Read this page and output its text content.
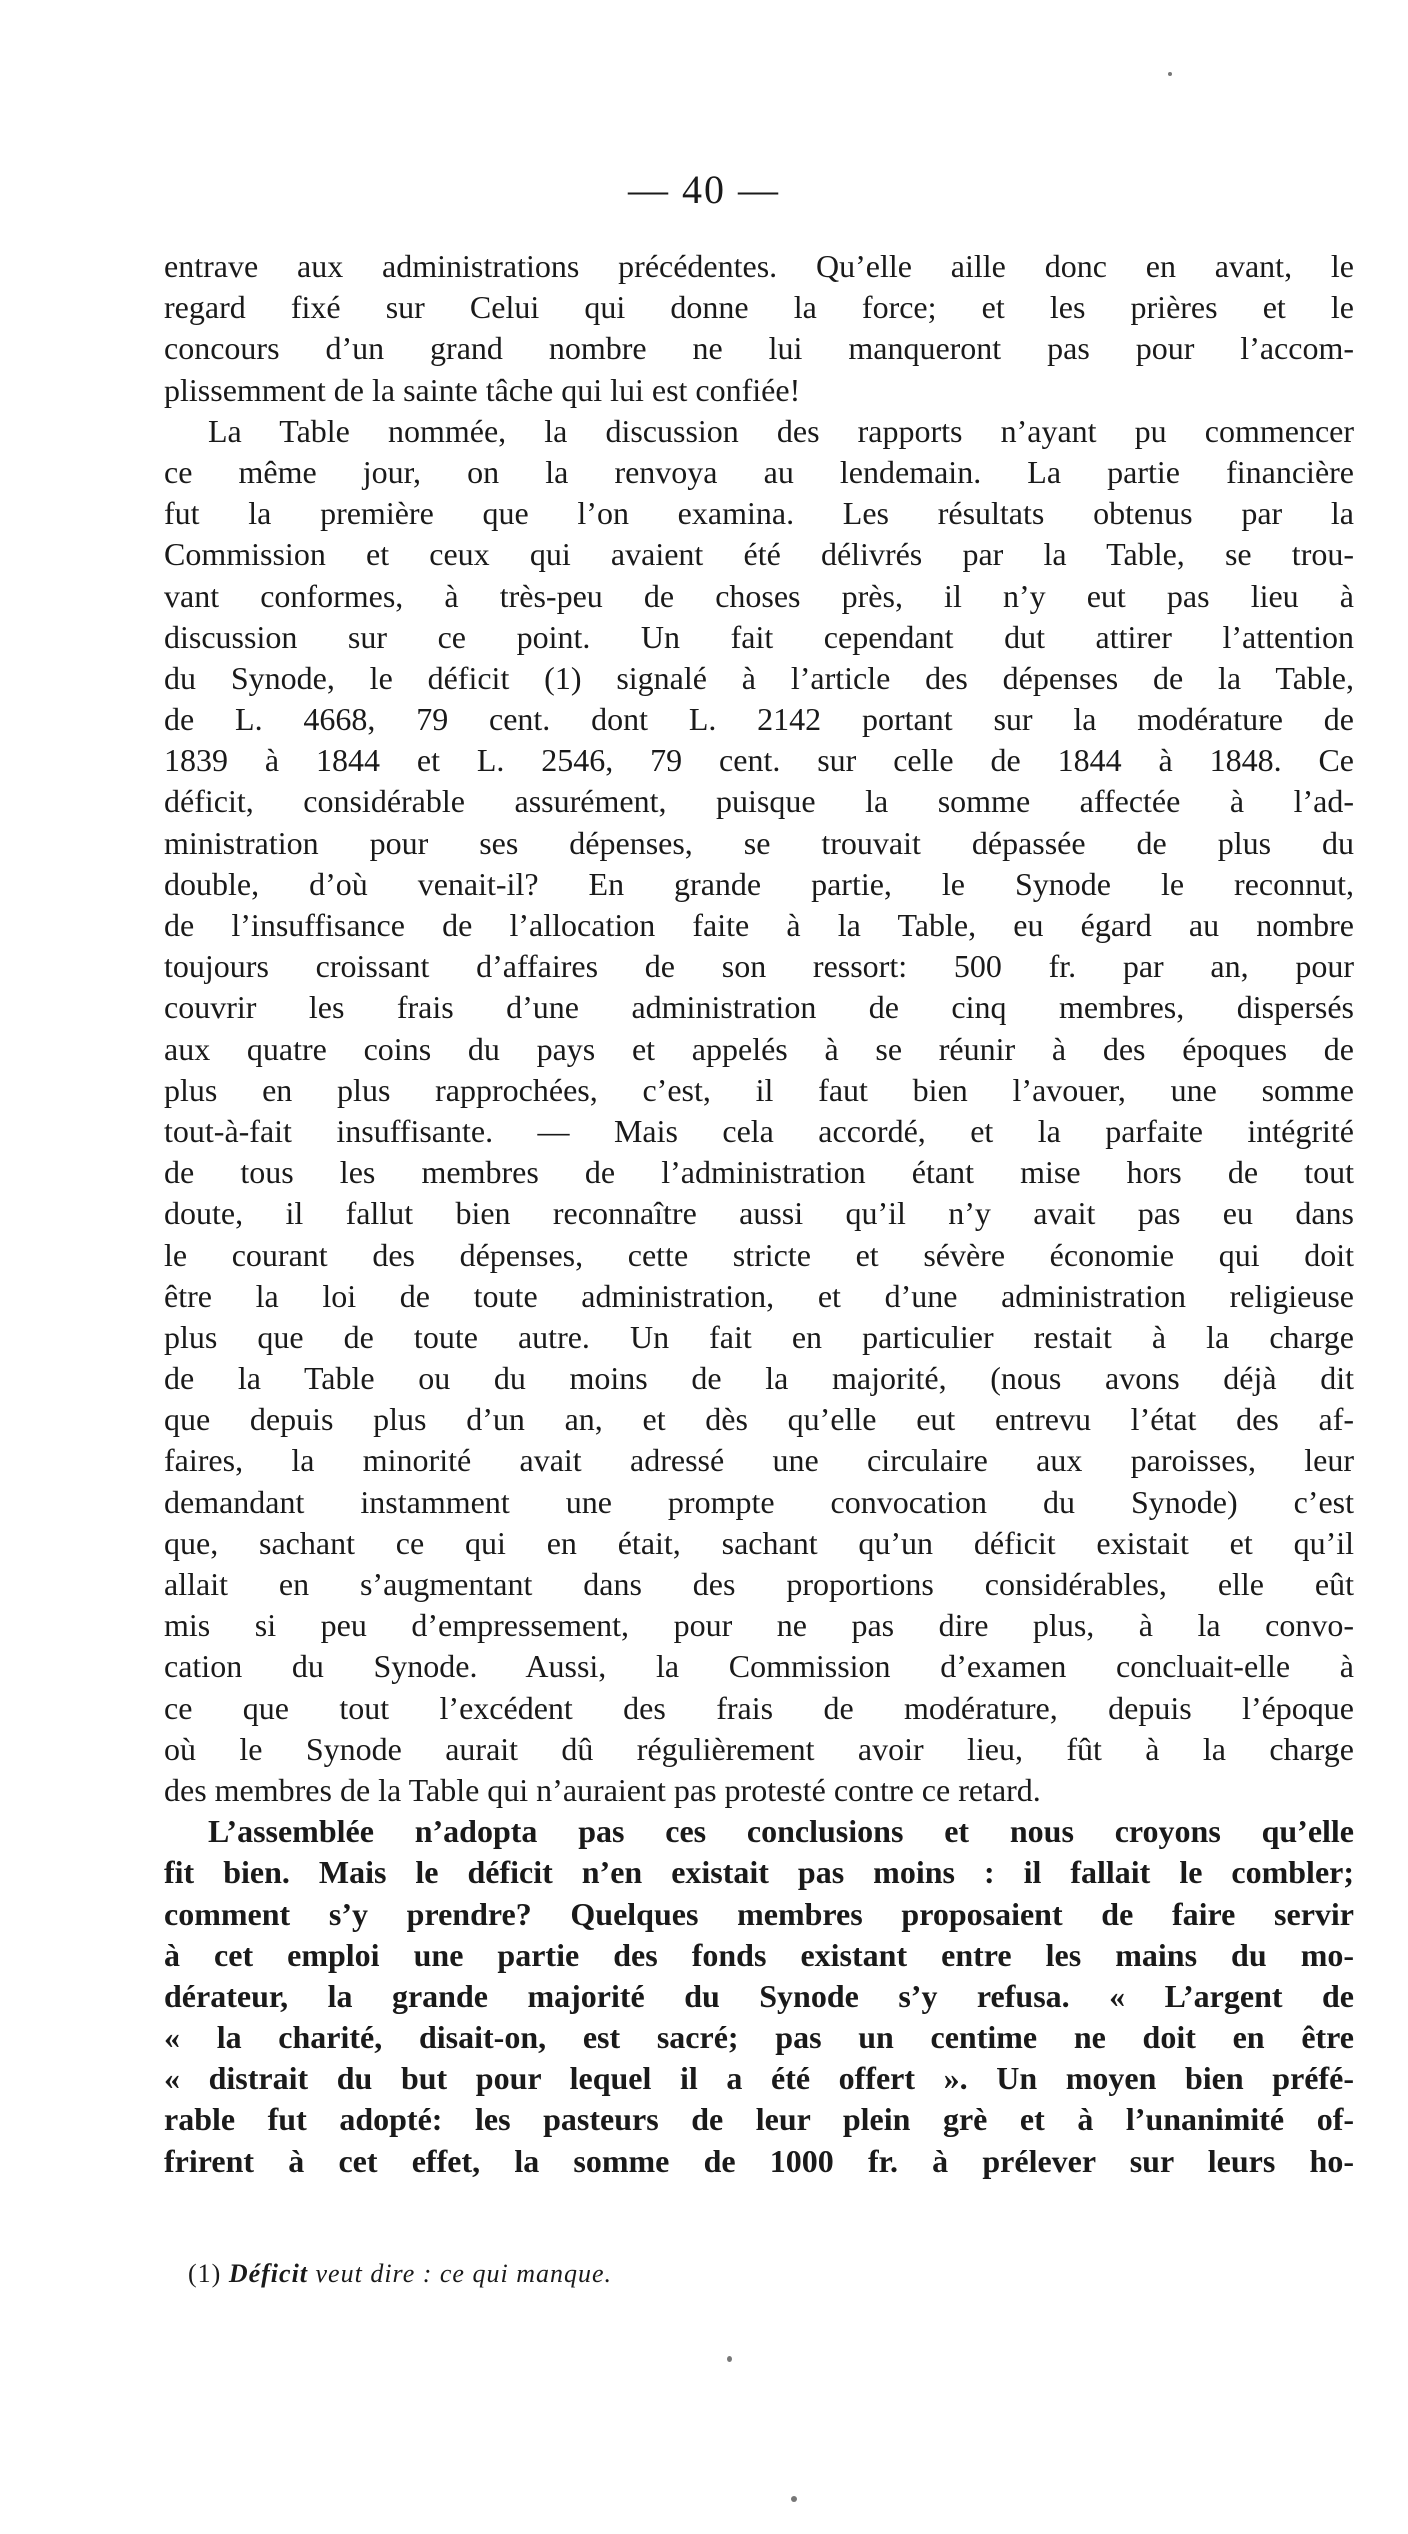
— 40 —
entrave aux administrations précédentes. Qu’elle aille donc en avant, le
regard fixé sur Celui qui donne la force; et les prières et le
concours d’un grand nombre ne lui manqueront pas pour l’accom-
plissemment de la sainte tâche qui lui est confiée!
La Table nommée, la discussion des rapports n’ayant pu commencer
ce même jour, on la renvoya au lendemain. La partie financière
fut la première que l’on examina. Les résultats obtenus par la
Commission et ceux qui avaient été délivrés par la Table, se trou-
vant conformes, à très-peu de choses près, il n’y eut pas lieu à
discussion sur ce point. Un fait cependant dut attirer l’attention
du Synode, le déficit (1) signalé à l’article des dépenses de la Table,
de L. 4668, 79 cent. dont L. 2142 portant sur la modérature de
1839 à 1844 et L. 2546, 79 cent. sur celle de 1844 à 1848. Ce
déficit, considérable assurément, puisque la somme affectée à l’ad-
ministration pour ses dépenses, se trouvait dépassée de plus du
double, d’où venait-il? En grande partie, le Synode le reconnut,
de l’insuffisance de l’allocation faite à la Table, eu égard au nombre
toujours croissant d’affaires de son ressort: 500 fr. par an, pour
couvrir les frais d’une administration de cinq membres, dispersés
aux quatre coins du pays et appelés à se réunir à des époques de
plus en plus rapprochées, c’est, il faut bien l’avouer, une somme
tout-à-fait insuffisante. — Mais cela accordé, et la parfaite intégrité
de tous les membres de l’administration étant mise hors de tout
doute, il fallut bien reconnaître aussi qu’il n’y avait pas eu dans
le courant des dépenses, cette stricte et sévère économie qui doit
être la loi de toute administration, et d’une administration religieuse
plus que de toute autre. Un fait en particulier restait à la charge
de la Table ou du moins de la majorité, (nous avons déjà dit
que depuis plus d’un an, et dès qu’elle eut entrevu l’état des af-
faires, la minorité avait adressé une circulaire aux paroisses, leur
demandant instamment une prompte convocation du Synode) c’est
que, sachant ce qui en était, sachant qu’un déficit existait et qu’il
allait en s’augmentant dans des proportions considérables, elle eût
mis si peu d’empressement, pour ne pas dire plus, à la convo-
cation du Synode. Aussi, la Commission d’examen concluait-elle à
ce que tout l’excédent des frais de modérature, depuis l’époque
où le Synode aurait dû régulièrement avoir lieu, fût à la charge
des membres de la Table qui n’auraient pas protesté contre ce retard.
L’assemblée n’adopta pas ces conclusions et nous croyons qu’elle
fit bien. Mais le déficit n’en existait pas moins : il fallait le combler;
comment s’y prendre? Quelques membres proposaient de faire servir
à cet emploi une partie des fonds existant entre les mains du mo-
dérateur, la grande majorité du Synode s’y refusa. « L’argent de
« la charité, disait-on, est sacré; pas un centime ne doit en être
« distrait du but pour lequel il a été offert ». Un moyen bien préfé-
rable fut adopté: les pasteurs de leur plein grè et à l’unanimité of-
frirent à cet effet, la somme de 1000 fr. à prélever sur leurs ho-
(1) Déficit veut dire : ce qui manque.
